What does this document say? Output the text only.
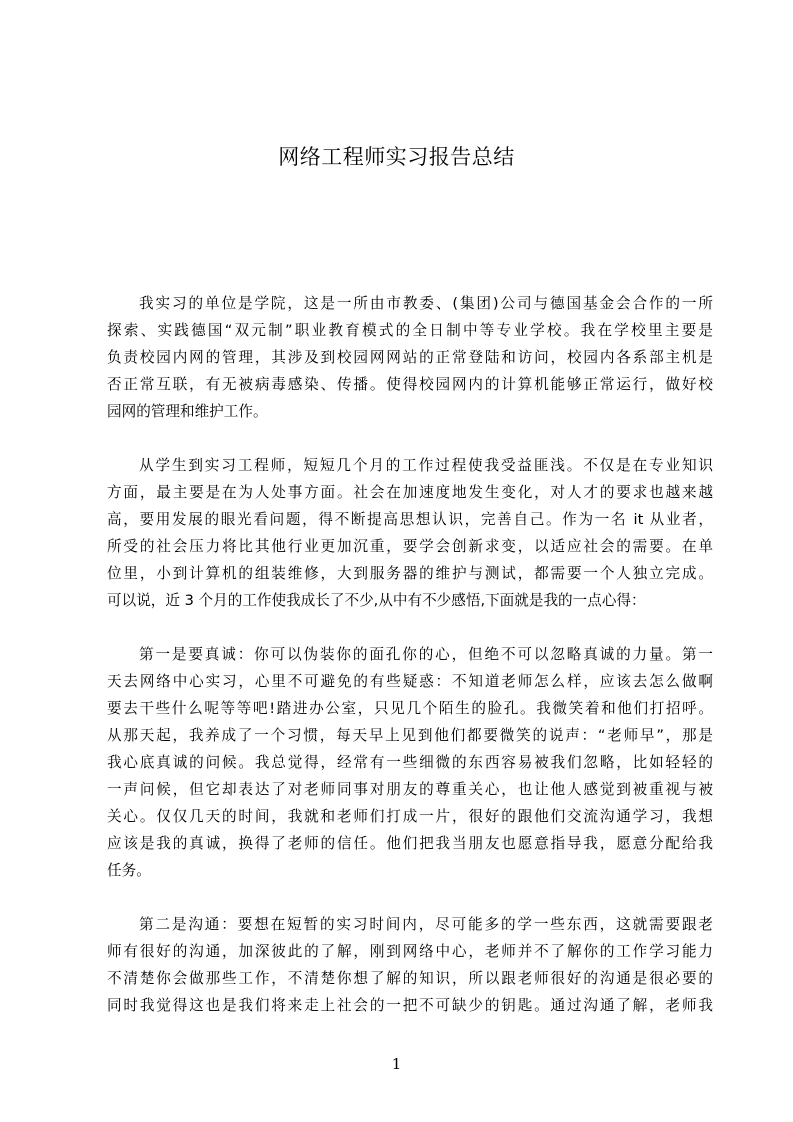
网络工程师实习报告总结
我实习的单位是学院，这是一所由市教委、(集团)公司与德国基金会合作的一所
探索、实践德国“双元制”职业教育模式的全日制中等专业学校。我在学校里主要是
负责校园内网的管理，其涉及到校园网网站的正常登陆和访问，校园内各系部主机是
否正常互联，有无被病毒感染、传播。使得校园网内的计算机能够正常运行，做好校
园网的管理和维护工作。
从学生到实习工程师，短短几个月的工作过程使我受益匪浅。不仅是在专业知识
方面，最主要是在为人处事方面。社会在加速度地发生变化，对人才的要求也越来越
高，要用发展的眼光看问题，得不断提高思想认识，完善自己。作为一名 it 从业者，
所受的社会压力将比其他行业更加沉重，要学会创新求变，以适应社会的需要。在单
位里，小到计算机的组装维修，大到服务器的维护与测试，都需要一个人独立完成。
可以说，近 3 个月的工作使我成长了不少,从中有不少感悟,下面就是我的一点心得：
第一是要真诚：你可以伪装你的面孔你的心，但绝不可以忽略真诚的力量。第一
天去网络中心实习，心里不可避免的有些疑惑：不知道老师怎么样，应该去怎么做啊
要去干些什么呢等等吧!踏进办公室，只见几个陌生的脸孔。我微笑着和他们打招呼。
从那天起，我养成了一个习惯，每天早上见到他们都要微笑的说声：“老师早”，那是
我心底真诚的问候。我总觉得，经常有一些细微的东西容易被我们忽略，比如轻轻的
一声问候，但它却表达了对老师同事对朋友的尊重关心，也让他人感觉到被重视与被
关心。仅仅几天的时间，我就和老师们打成一片，很好的跟他们交流沟通学习，我想
应该是我的真诚，换得了老师的信任。他们把我当朋友也愿意指导我，愿意分配给我
任务。
第二是沟通：要想在短暂的实习时间内，尽可能多的学一些东西，这就需要跟老
师有很好的沟通，加深彼此的了解，刚到网络中心，老师并不了解你的工作学习能力
不清楚你会做那些工作，不清楚你想了解的知识，所以跟老师很好的沟通是很必要的
同时我觉得这也是我们将来走上社会的一把不可缺少的钥匙。通过沟通了解，老师我
1
